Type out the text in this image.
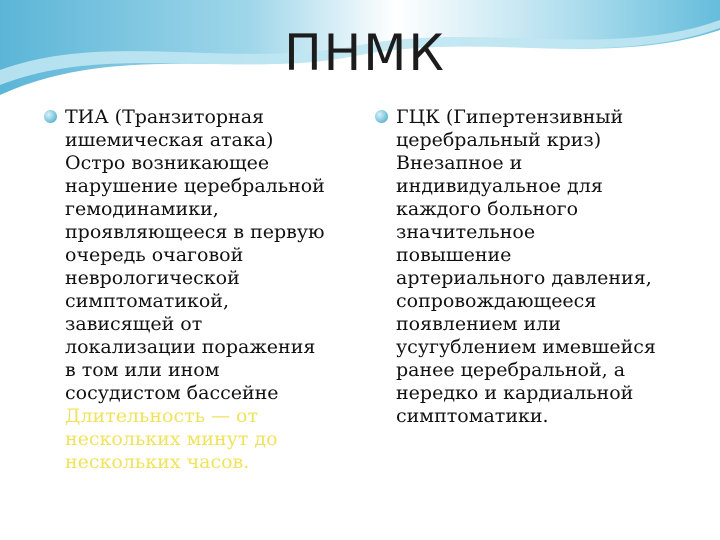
ПНМК
ТИА (Транзиторная
ишемическая атака)
Остро возникающее
нарушение церебральной
гемодинамики,
проявляющееся в первую
очередь очаговой
неврологической
симптоматикой,
зависящей от
локализации поражения
в том или ином
сосудистом бассейне
Длительность — от
нескольких минут до
нескольких часов.
ГЦК (Гипертензивный
церебральный криз)
Внезапное и
индивидуальное для
каждого больного
значительное
повышение
артериального давления,
сопровождающееся
появлением или
усугублением имевшейся
ранее церебральной, а
нередко и кардиальной
симптоматики.
